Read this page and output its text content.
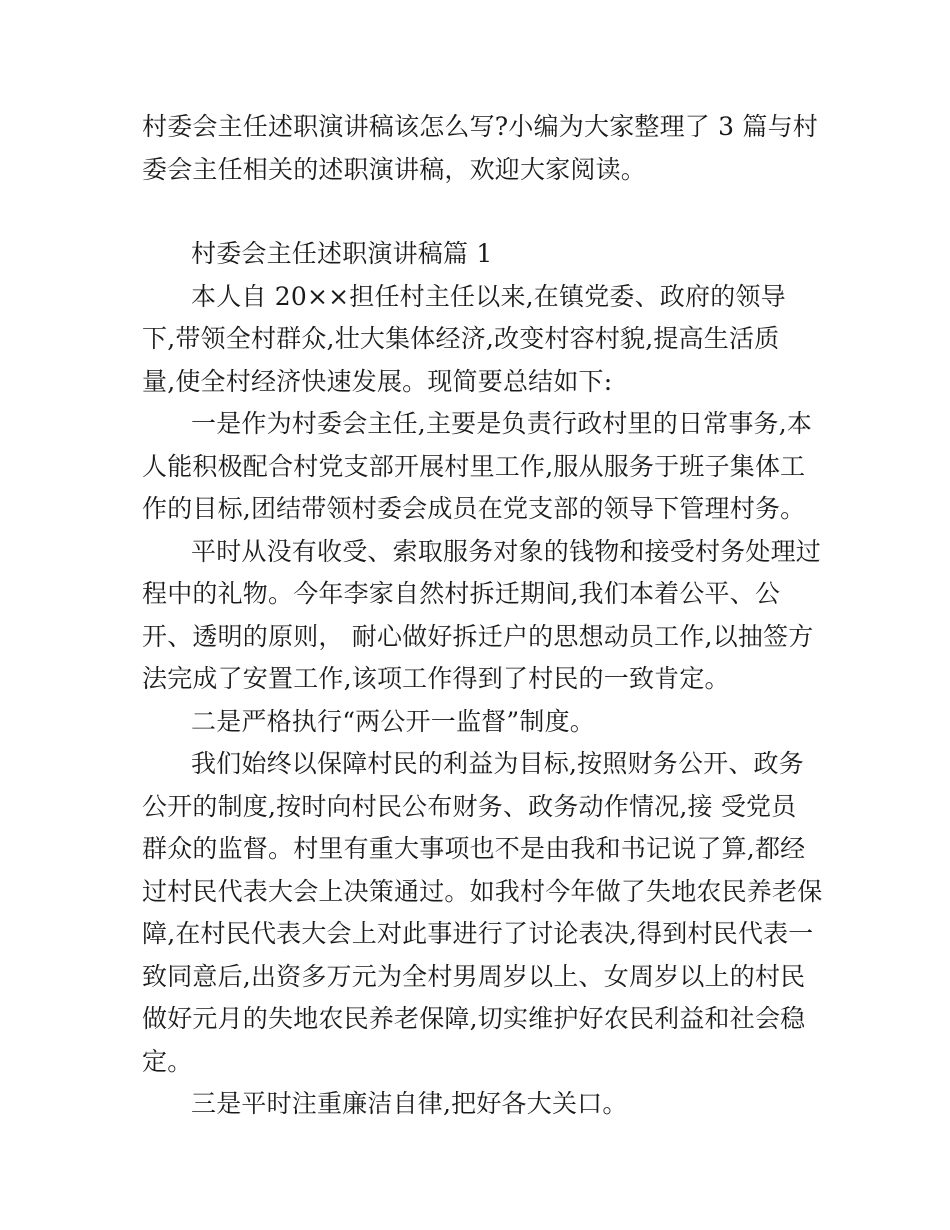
村委会主任述职演讲稿该怎么写?小编为大家整理了 3 篇与村
委会主任相关的述职演讲稿，欢迎大家阅读。
村委会主任述职演讲稿篇 1
本人自 20××担任村主任以来,在镇党委、政府的领导
下,带领全村群众,壮大集体经济,改变村容村貌,提高生活质
量,使全村经济快速发展。现简要总结如下:
一是作为村委会主任,主要是负责行政村里的日常事务,本
人能积极配合村党支部开展村里工作,服从服务于班子集体工
作的目标,团结带领村委会成员在党支部的领导下管理村务。
平时从没有收受、索取服务对象的钱物和接受村务处理过
程中的礼物。今年李家自然村拆迁期间,我们本着公平、公
开、透明的原则， 耐心做好拆迁户的思想动员工作,以抽签方
法完成了安置工作,该项工作得到了村民的一致肯定。
二是严格执行“两公开一监督”制度。
我们始终以保障村民的利益为目标,按照财务公开、政务
公开的制度,按时向村民公布财务、政务动作情况,接 受党员
群众的监督。村里有重大事项也不是由我和书记说了算,都经
过村民代表大会上决策通过。如我村今年做了失地农民养老保
障,在村民代表大会上对此事进行了讨论表决,得到村民代表一
致同意后,出资多万元为全村男周岁以上、女周岁以上的村民
做好元月的失地农民养老保障,切实维护好农民利益和社会稳
定。
三是平时注重廉洁自律,把好各大关口。
